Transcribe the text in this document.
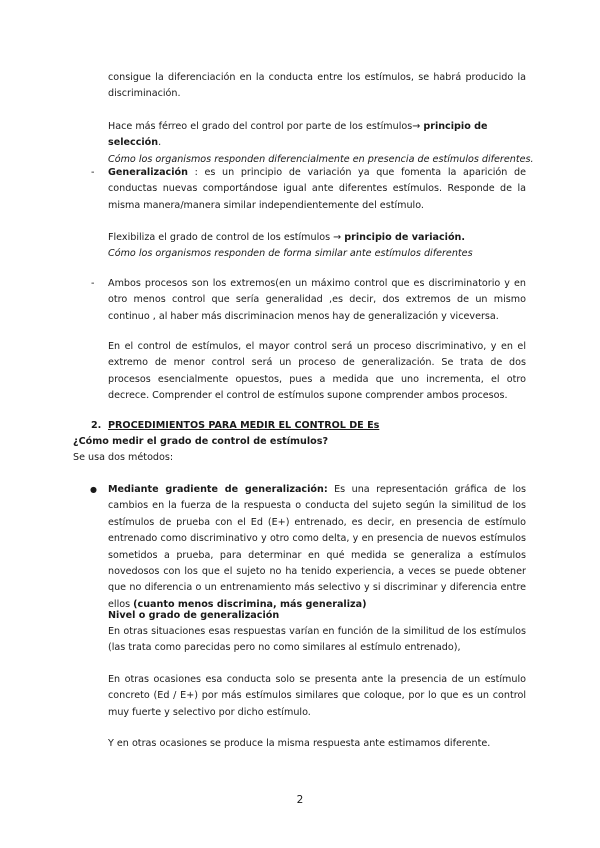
consigue la diferenciación en la conducta entre los estímulos, se habrá producido la discriminación.

Hace más férreo el grado del control por parte de los estímulos→ principio de selección.
Cómo los organismos responden diferencialmente en presencia de estímulos diferentes.

- Generalización : es un principio de variación ya que fomenta la aparición de conductas nuevas comportándose igual ante diferentes estímulos. Responde de la misma manera/manera similar independientemente del estímulo.

Flexibiliza el grado de control de los estímulos → principio de variación.
Cómo los organismos responden de forma similar ante estímulos diferentes

- Ambos procesos son los extremos(en un máximo control que es discriminatorio y en otro menos control que sería generalidad ,es decir, dos extremos de un mismo continuo , al haber más discriminacion menos hay de generalización y viceversa.

En el control de estímulos, el mayor control será un proceso discriminativo, y en el extremo de menor control será un proceso de generalización. Se trata de dos procesos esencialmente opuestos, pues a medida que uno incrementa, el otro decrece. Comprender el control de estímulos supone comprender ambos procesos.

2. PROCEDIMIENTOS PARA MEDIR EL CONTROL DE Es

¿Cómo medir el grado de control de estímulos?

Se usa dos métodos:

● Mediante gradiente de generalización: Es una representación gráfica de los cambios en la fuerza de la respuesta o conducta del sujeto según la similitud de los estímulos de prueba con el Ed (E+) entrenado, es decir, en presencia de estímulo entrenado como discriminativo y otro como delta, y en presencia de nuevos estímulos sometidos a prueba, para determinar en qué medida se generaliza a estímulos novedosos con los que el sujeto no ha tenido experiencia, a veces se puede obtener que no diferencia o un entrenamiento más selectivo y si discriminar y diferencia entre ellos (cuanto menos discrimina, más generaliza)

Nivel o grado de generalización

En otras situaciones esas respuestas varían en función de la similitud de los estímulos (las trata como parecidas pero no como similares al estímulo entrenado),

En otras ocasiones esa conducta solo se presenta ante la presencia de un estímulo concreto (Ed / E+) por más estímulos similares que coloque, por lo que es un control muy fuerte y selectivo por dicho estímulo.

Y en otras ocasiones se produce la misma respuesta ante estimamos diferente.

2
